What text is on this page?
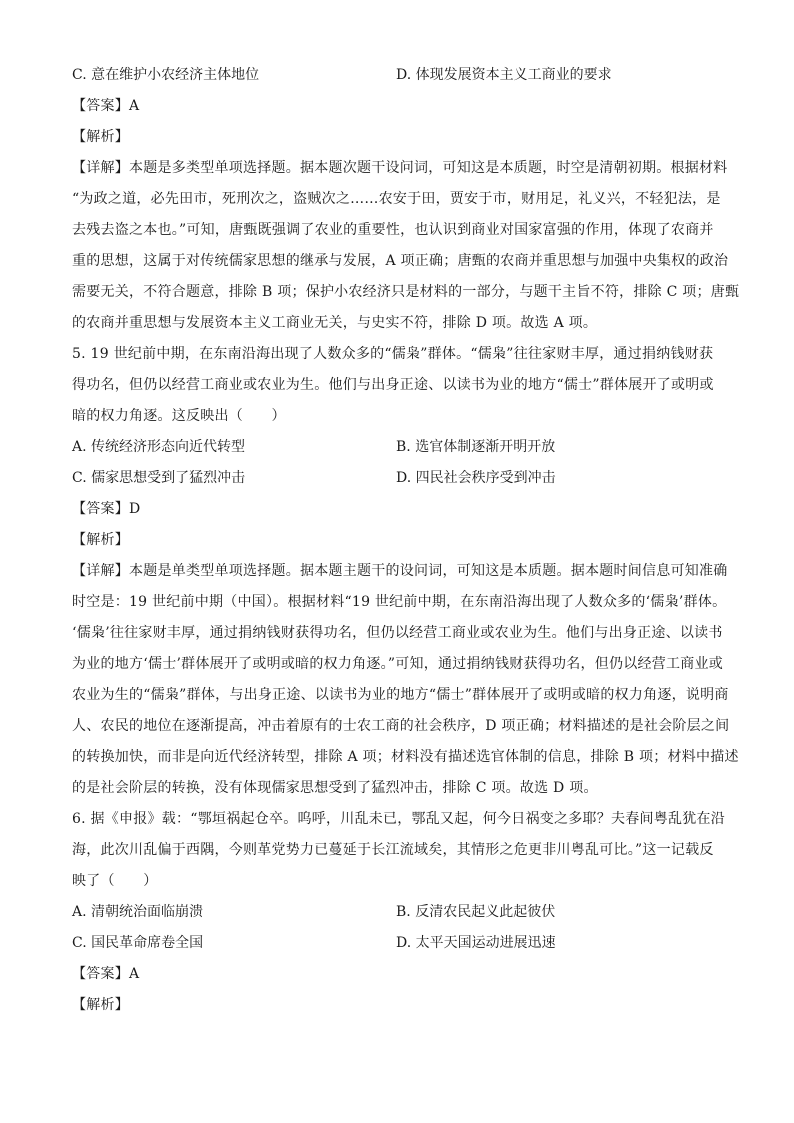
C. 意在维护小农经济主体地位	D. 体现发展资本主义工商业的要求
【答案】A
【解析】
【详解】本题是多类型单项选择题。据本题次题干设问词，可知这是本质题，时空是清朝初期。根据材料
“为政之道，必先田市，死刑次之，盗贼次之……农安于田，贾安于市，财用足，礼义兴，不轻犯法，是
去残去盗之本也。”可知，唐甄既强调了农业的重要性，也认识到商业对国家富强的作用，体现了农商并
重的思想，这属于对传统儒家思想的继承与发展，A 项正确；唐甄的农商并重思想与加强中央集权的政治
需要无关，不符合题意，排除 B 项；保护小农经济只是材料的一部分，与题干主旨不符，排除 C 项；唐甄
的农商并重思想与发展资本主义工商业无关，与史实不符，排除 D 项。故选 A 项。
5. 19 世纪前中期，在东南沿海出现了人数众多的“儒枭”群体。“儒枭”往往家财丰厚，通过捐纳钱财获
得功名，但仍以经营工商业或农业为生。他们与出身正途、以读书为业的地方“儒士”群体展开了或明或
暗的权力角逐。这反映出（　　）
A. 传统经济形态向近代转型	B. 选官体制逐渐开明开放
C. 儒家思想受到了猛烈冲击	D. 四民社会秩序受到冲击
【答案】D
【解析】
【详解】本题是单类型单项选择题。据本题主题干的设问词，可知这是本质题。据本题时间信息可知准确
时空是：19 世纪前中期（中国）。根据材料“19 世纪前中期，在东南沿海出现了人数众多的‘儒枭’群体。
‘儒枭’往往家财丰厚，通过捐纳钱财获得功名，但仍以经营工商业或农业为生。他们与出身正途、以读书
为业的地方‘儒士’群体展开了或明或暗的权力角逐。”可知，通过捐纳钱财获得功名，但仍以经营工商业或
农业为生的“儒枭”群体，与出身正途、以读书为业的地方“儒士”群体展开了或明或暗的权力角逐，说明商
人、农民的地位在逐渐提高，冲击着原有的士农工商的社会秩序，D 项正确；材料描述的是社会阶层之间
的转换加快，而非是向近代经济转型，排除 A 项；材料没有描述选官体制的信息，排除 B 项；材料中描述
的是社会阶层的转换，没有体现儒家思想受到了猛烈冲击，排除 C 项。故选 D 项。
6. 据《申报》载：“鄂垣祸起仓卒。呜呼，川乱未已，鄂乱又起，何今日祸变之多耶？夫春间粤乱犹在沿
海，此次川乱偏于西隅，今则革党势力已蔓延于长江流域矣，其情形之危更非川粤乱可比。”这一记载反
映了（　　）
A. 清朝统治面临崩溃	B. 反清农民起义此起彼伏
C. 国民革命席卷全国	D. 太平天国运动进展迅速
【答案】A
【解析】
